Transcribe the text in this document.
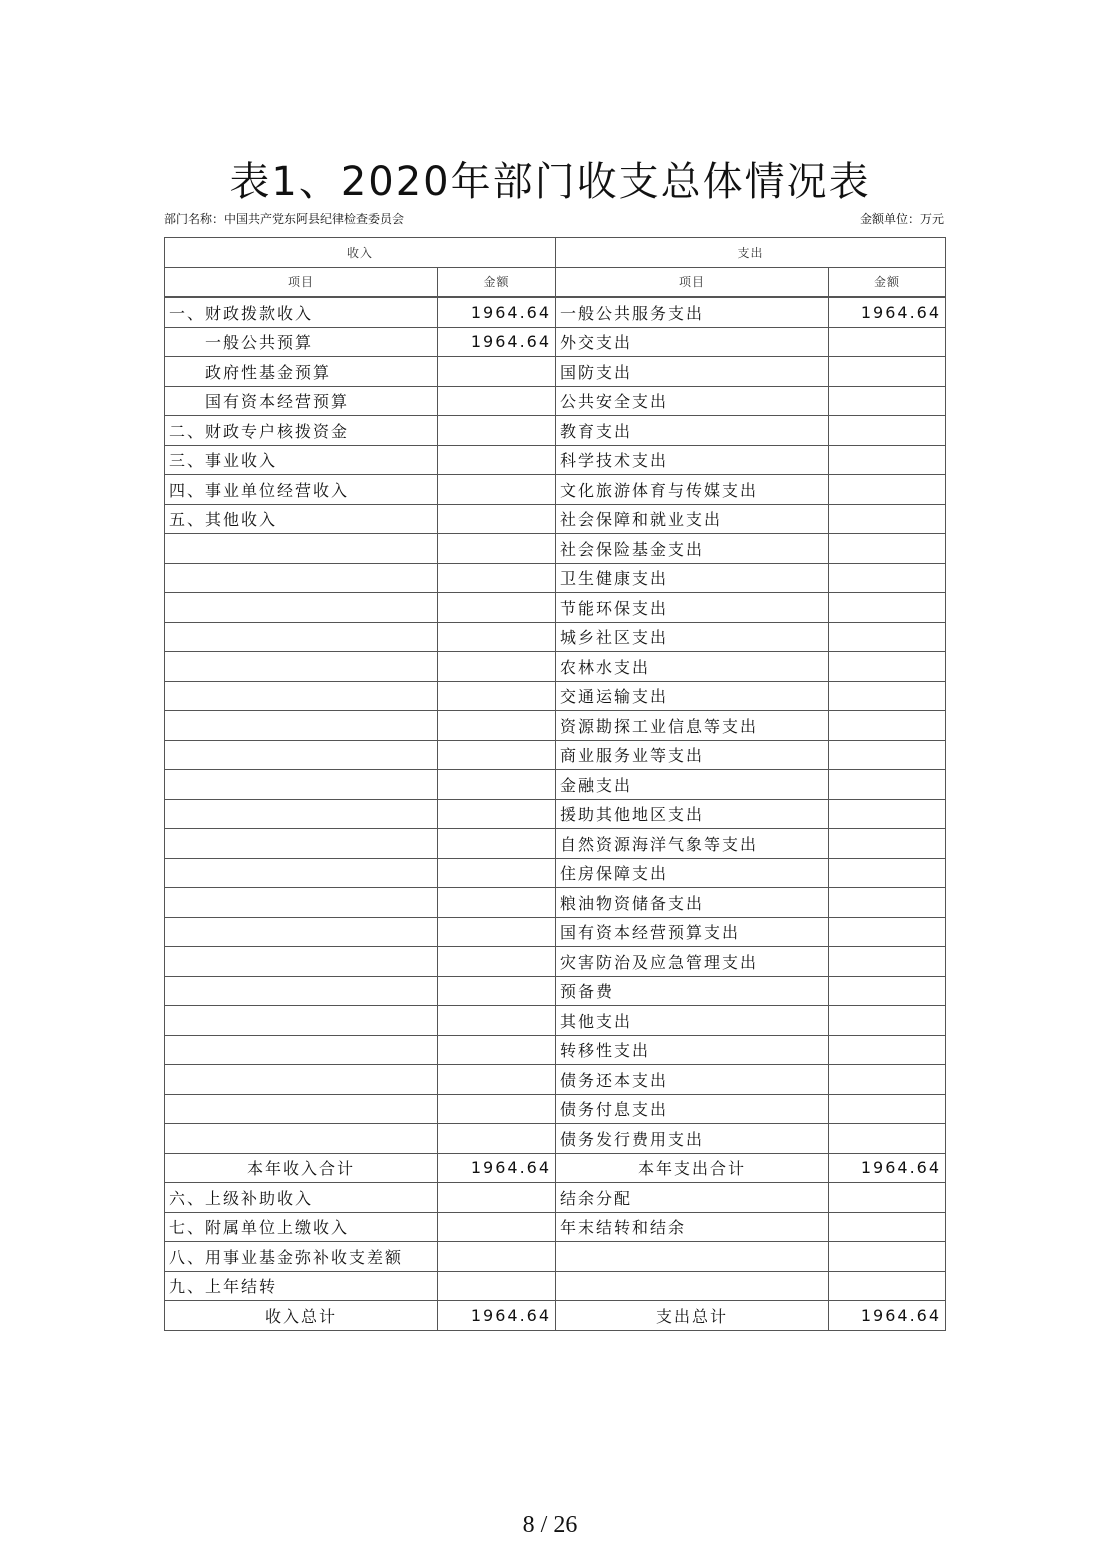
表1、2020年部门收支总体情况表
部门名称：中国共产党东阿县纪律检查委员会	金额单位：万元
收入		支出	
项目	金额	项目	金额
一、财政拨款收入	1964.64	一般公共服务支出	1964.64
一般公共预算	1964.64	外交支出	
政府性基金预算		国防支出	
国有资本经营预算		公共安全支出	
二、财政专户核拨资金		教育支出	
三、事业收入		科学技术支出	
四、事业单位经营收入		文化旅游体育与传媒支出	
五、其他收入		社会保障和就业支出	
		社会保险基金支出	
		卫生健康支出	
		节能环保支出	
		城乡社区支出	
		农林水支出	
		交通运输支出	
		资源勘探工业信息等支出	
		商业服务业等支出	
		金融支出	
		援助其他地区支出	
		自然资源海洋气象等支出	
		住房保障支出	
		粮油物资储备支出	
		国有资本经营预算支出	
		灾害防治及应急管理支出	
		预备费	
		其他支出	
		转移性支出	
		债务还本支出	
		债务付息支出	
		债务发行费用支出	
本年收入合计	1964.64	本年支出合计	1964.64
六、上级补助收入		结余分配	
七、附属单位上缴收入		年末结转和结余	
八、用事业基金弥补收支差额			
九、上年结转			
收入总计	1964.64	支出总计	1964.64
8 / 26
